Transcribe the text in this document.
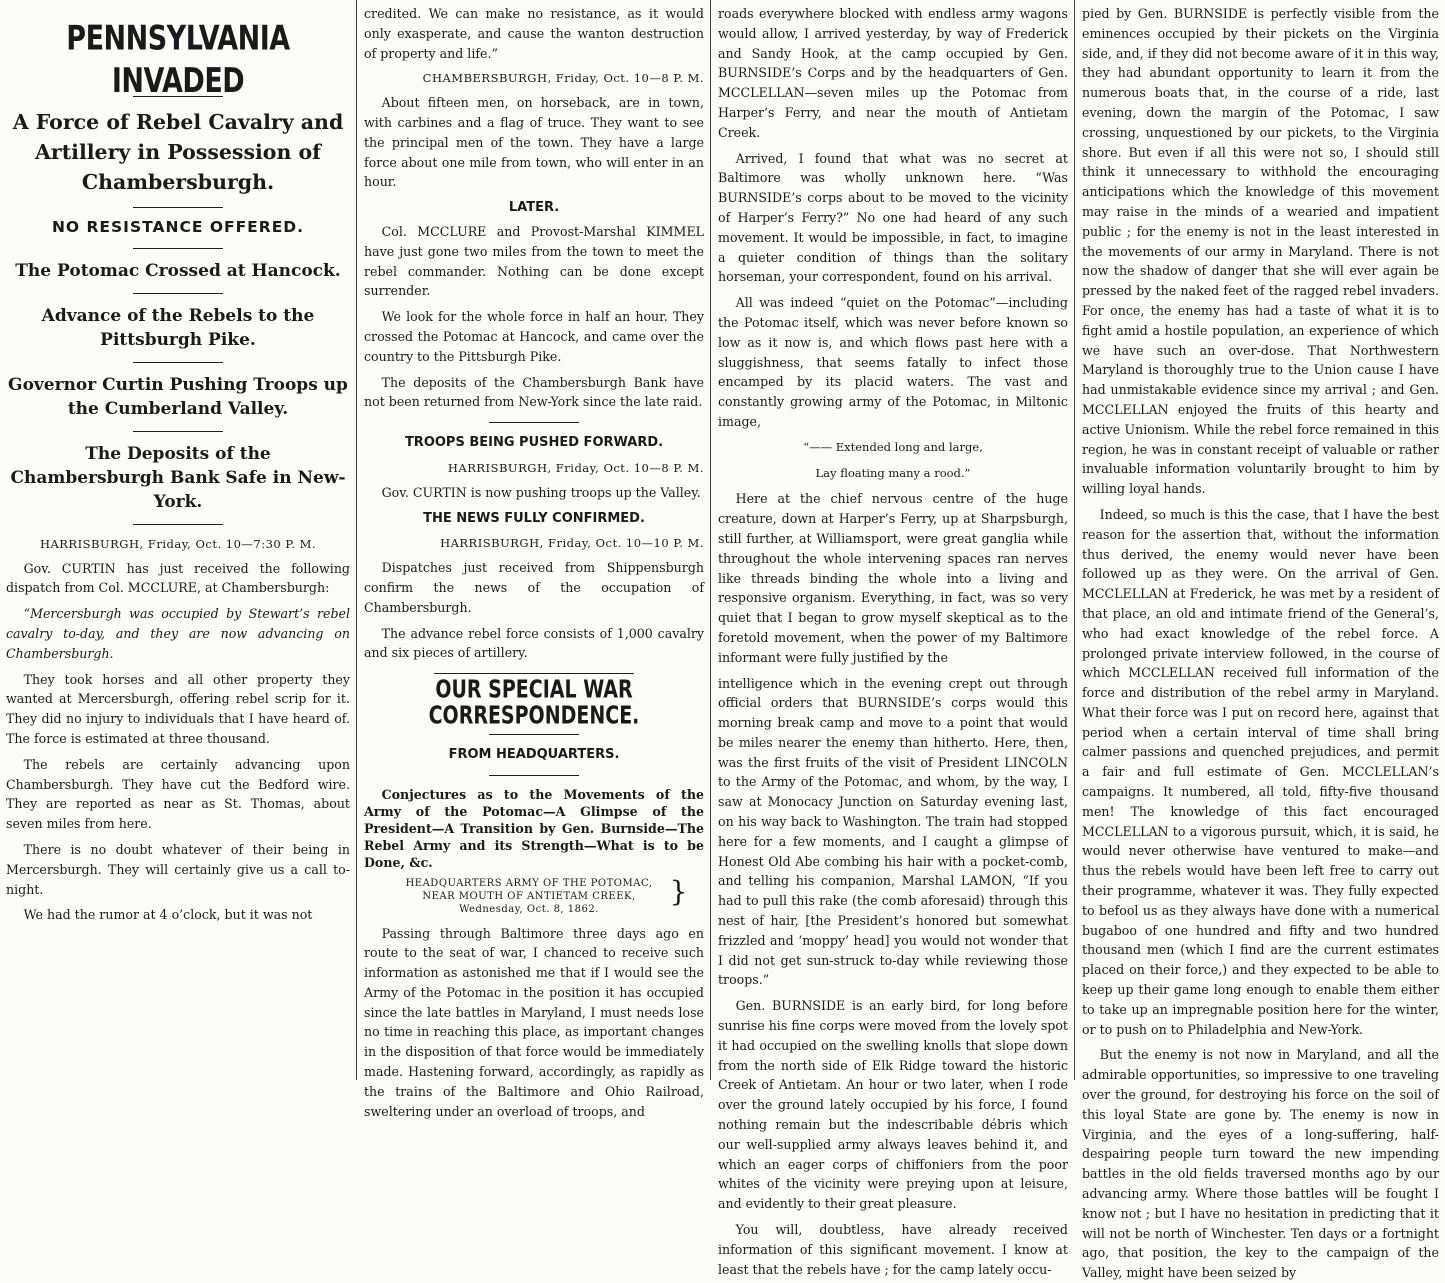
PENNSYLVANIA INVADED
A Force of Rebel Cavalry and Artillery in Possession of Chambersburgh.
NO RESISTANCE OFFERED.
The Potomac Crossed at Hancock.
Advance of the Rebels to the Pittsburgh Pike.
Governor Curtin Pushing Troops up the Cumberland Valley.
The Deposits of the Chambersburgh Bank Safe in New-York.
HARRISBURGH, Friday, Oct. 10—7:30 P. M.

Gov. CURTIN has just received the following dispatch from Col. MCCLURE, at Chambersburgh:

“Mercersburgh was occupied by Stewart’s rebel cavalry to-day, and they are now advancing on Chambersburgh.

They took horses and all other property they wanted at Mercersburgh, offering rebel scrip for it. They did no injury to individuals that I have heard of. The force is estimated at three thousand.

The rebels are certainly advancing upon Chambersburgh. They have cut the Bedford wire. They are reported as near as St. Thomas, about seven miles from here.

There is no doubt whatever of their being in Mercersburgh. They will certainly give us a call to-night.

We had the rumor at 4 o’clock, but it was not

credited. We can make no resistance, as it would only exasperate, and cause the wanton destruction of property and life.”

CHAMBERSBURGH, Friday, Oct. 10—8 P. M.

About fifteen men, on horseback, are in town, with carbines and a flag of truce. They want to see the principal men of the town. They have a large force about one mile from town, who will enter in an hour.

LATER.

Col. MCCLURE and Provost-Marshal KIMMEL have just gone two miles from the town to meet the rebel commander. Nothing can be done except surrender.

We look for the whole force in half an hour. They crossed the Potomac at Hancock, and came over the country to the Pittsburgh Pike.

The deposits of the Chambersburgh Bank have not been returned from New-York since the late raid.

TROOPS BEING PUSHED FORWARD.
HARRISBURGH, Friday, Oct. 10—8 P. M.

Gov. CURTIN is now pushing troops up the Valley.

THE NEWS FULLY CONFIRMED.
HARRISBURGH, Friday, Oct. 10—10 P. M.

Dispatches just received from Shippensburgh confirm the news of the occupation of Chambersburgh.

The advance rebel force consists of 1,000 cavalry and six pieces of artillery.

OUR SPECIAL WAR CORRESPONDENCE.
FROM HEADQUARTERS.

Conjectures as to the Movements of the Army of the Potomac—A Glimpse of the President—A Transition by Gen. Burnside—The Rebel Army and its Strength—What is to be Done, &c.

HEADQUARTERS ARMY OF THE POTOMAC,
NEAR MOUTH OF ANTIETAM CREEK,
Wednesday, Oct. 8, 1862.
}

Passing through Baltimore three days ago en route to the seat of war, I chanced to receive such information as astonished me that if I would see the Army of the Potomac in the position it has occupied since the late battles in Maryland, I must needs lose no time in reaching this place, as important changes in the disposition of that force would be immediately made. Hastening forward, accordingly, as rapidly as the trains of the Baltimore and Ohio Railroad, sweltering under an overload of troops, and

roads everywhere blocked with endless army wagons would allow, I arrived yesterday, by way of Frederick and Sandy Hook, at the camp occupied by Gen. BURNSIDE’s Corps and by the headquarters of Gen. MCCLELLAN—seven miles up the Potomac from Harper’s Ferry, and near the mouth of Antietam Creek.

Arrived, I found that what was no secret at Baltimore was wholly unknown here. “Was BURNSIDE’s corps about to be moved to the vicinity of Harper’s Ferry?” No one had heard of any such movement. It would be impossible, in fact, to imagine a quieter condition of things than the solitary horseman, your correspondent, found on his arrival.

All was indeed “quiet on the Potomac”—including the Potomac itself, which was never before known so low as it now is, and which flows past here with a sluggishness, that seems fatally to infect those encamped by its placid waters. The vast and constantly growing army of the Potomac, in Miltonic image,

“—— Extended long and large,
Lay floating many a rood.”

Here at the chief nervous centre of the huge creature, down at Harper’s Ferry, up at Sharpsburgh, still further, at Williamsport, were great ganglia while throughout the whole intervening spaces ran nerves like threads binding the whole into a living and responsive organism. Everything, in fact, was so very quiet that I began to grow myself skeptical as to the foretold movement, when the power of my Baltimore informant were fully justified by the

intelligence which in the evening crept out through official orders that BURNSIDE’s corps would this morning break camp and move to a point that would be miles nearer the enemy than hitherto. Here, then, was the first fruits of the visit of President LINCOLN to the Army of the Potomac, and whom, by the way, I saw at Monocacy Junction on Saturday evening last, on his way back to Washington. The train had stopped here for a few moments, and I caught a glimpse of Honest Old Abe combing his hair with a pocket-comb, and telling his companion, Marshal LAMON, “If you had to pull this rake (the comb aforesaid) through this nest of hair, [the President’s honored but somewhat frizzled and ‘moppy’ head] you would not wonder that I did not get sun-struck to-day while reviewing those troops.”

Gen. BURNSIDE is an early bird, for long before sunrise his fine corps were moved from the lovely spot it had occupied on the swelling knolls that slope down from the north side of Elk Ridge toward the historic Creek of Antietam. An hour or two later, when I rode over the ground lately occupied by his force, I found nothing remain but the indescribable débris which our well-supplied army always leaves behind it, and which an eager corps of chiffoniers from the poor whites of the vicinity were preying upon at leisure, and evidently to their great pleasure.

You will, doubtless, have already received information of this significant movement. I know at least that the rebels have ; for the camp lately occu-

pied by Gen. BURNSIDE is perfectly visible from the eminences occupied by their pickets on the Virginia side, and, if they did not become aware of it in this way, they had abundant opportunity to learn it from the numerous boats that, in the course of a ride, last evening, down the margin of the Potomac, I saw crossing, unquestioned by our pickets, to the Virginia shore. But even if all this were not so, I should still think it unnecessary to withhold the encouraging anticipations which the knowledge of this movement may raise in the minds of a wearied and impatient public ; for the enemy is not in the least interested in the movements of our army in Maryland. There is not now the shadow of danger that she will ever again be pressed by the naked feet of the ragged rebel invaders. For once, the enemy has had a taste of what it is to fight amid a hostile population, an experience of which we have such an over-dose. That Northwestern Maryland is thoroughly true to the Union cause I have had unmistakable evidence since my arrival ; and Gen. MCCLELLAN enjoyed the fruits of this hearty and active Unionism. While the rebel force remained in this region, he was in constant receipt of valuable or rather invaluable information voluntarily brought to him by willing loyal hands.

Indeed, so much is this the case, that I have the best reason for the assertion that, without the information thus derived, the enemy would never have been followed up as they were. On the arrival of Gen. MCCLELLAN at Frederick, he was met by a resident of that place, an old and intimate friend of the General’s, who had exact knowledge of the rebel force. A prolonged private interview followed, in the course of which MCCLELLAN received full information of the force and distribution of the rebel army in Maryland. What their force was I put on record here, against that period when a certain interval of time shall bring calmer passions and quenched prejudices, and permit a fair and full estimate of Gen. MCCLELLAN’s campaigns. It numbered, all told, fifty-five thousand men! The knowledge of this fact encouraged MCCLELLAN to a vigorous pursuit, which, it is said, he would never otherwise have ventured to make—and thus the rebels would have been left free to carry out their programme, whatever it was. They fully expected to befool us as they always have done with a numerical bugaboo of one hundred and fifty and two hundred thousand men (which I find are the current estimates placed on their force,) and they expected to be able to keep up their game long enough to enable them either to take up an impregnable position here for the winter, or to push on to Philadelphia and New-York.

But the enemy is not now in Maryland, and all the admirable opportunities, so impressive to one traveling over the ground, for destroying his force on the soil of this loyal State are gone by. The enemy is now in Virginia, and the eyes of a long-suffering, half-despairing people turn toward the new impending battles in the old fields traversed months ago by our advancing army. Where those battles will be fought I know not ; but I have no hesitation in predicting that it will not be north of Winchester. Ten days or a fortnight ago, that position, the key to the campaign of the Valley, might have been seized by
